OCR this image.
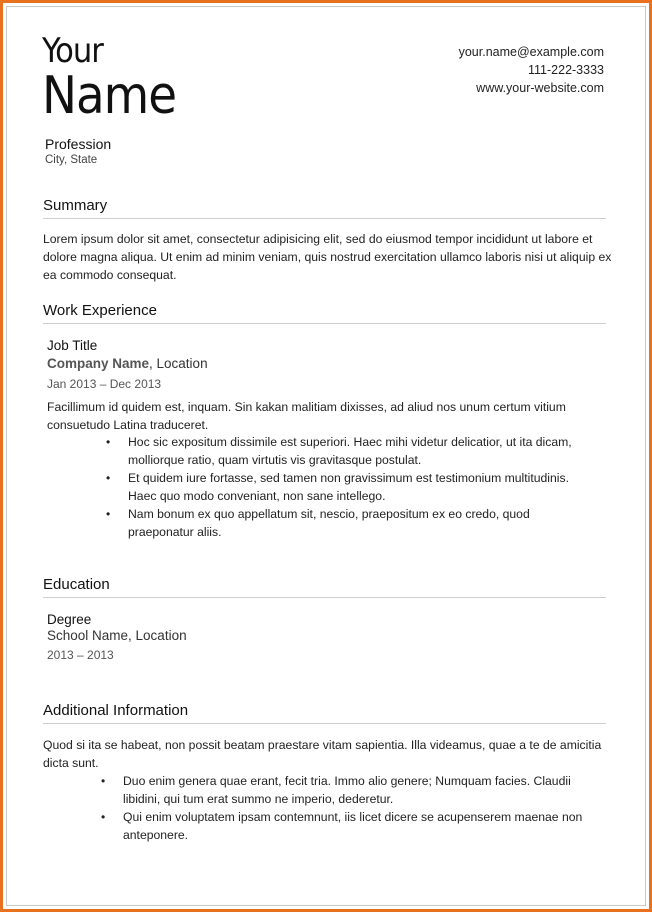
Your
Name
Profession
City, State
your.name@example.com
111-222-3333
www.your-website.com
Summary
Lorem ipsum dolor sit amet, consectetur adipisicing elit, sed do eiusmod tempor incididunt ut labore et dolore magna aliqua. Ut enim ad minim veniam, quis nostrud exercitation ullamco laboris nisi ut aliquip ex ea commodo consequat.
Work Experience
Job Title
Company Name, Location
Jan 2013 – Dec 2013
Facillimum id quidem est, inquam. Sin kakan malitiam dixisses, ad aliud nos unum certum vitium consuetudo Latina traduceret.
• Hoc sic expositum dissimile est superiori. Haec mihi videtur delicatior, ut ita dicam, molliorque ratio, quam virtutis vis gravitasque postulat.
• Et quidem iure fortasse, sed tamen non gravissimum est testimonium multitudinis. Haec quo modo conveniant, non sane intellego.
• Nam bonum ex quo appellatum sit, nescio, praepositum ex eo credo, quod praeponatur aliis.
Education
Degree
School Name, Location
2013 – 2013
Additional Information
Quod si ita se habeat, non possit beatam praestare vitam sapientia. Illa videamus, quae a te de amicitia dicta sunt.
• Duo enim genera quae erant, fecit tria. Immo alio genere; Numquam facies. Claudii libidini, qui tum erat summo ne imperio, dederetur.
• Qui enim voluptatem ipsam contemnunt, iis licet dicere se acupenserem maenae non anteponere.
